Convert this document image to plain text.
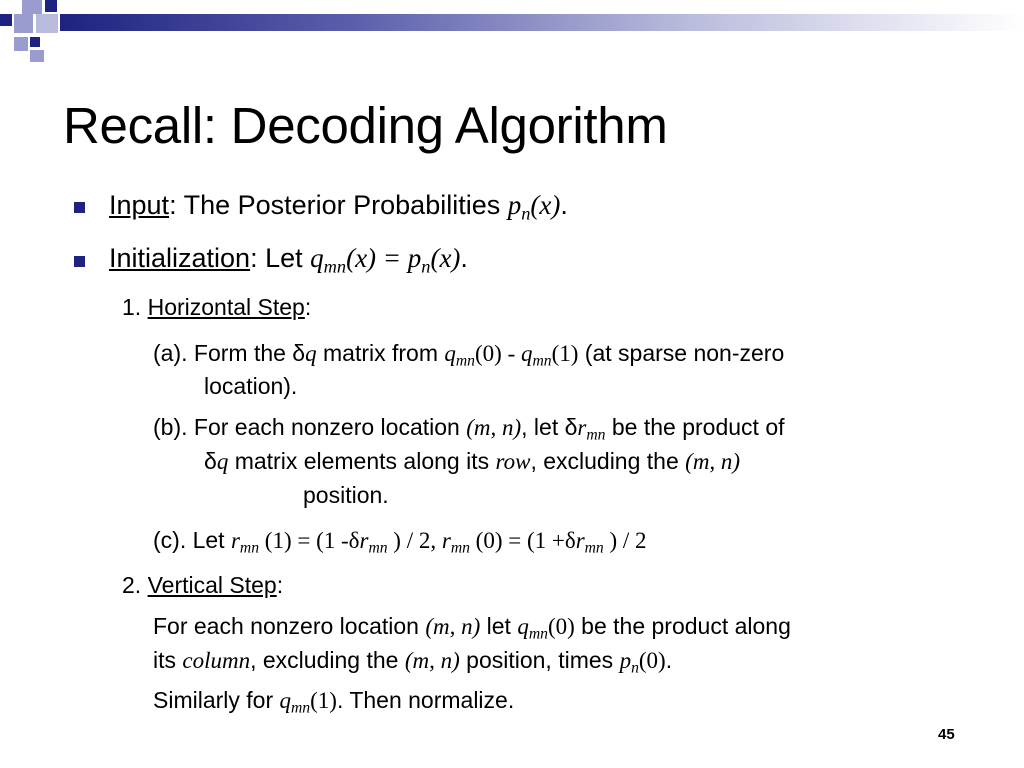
Recall: Decoding Algorithm
Input: The Posterior Probabilities $p_n(x)$.
Initialization: Let $q_{mn}(x) = p_n(x)$.
1. Horizontal Step:
(a). Form the δq matrix from $q_{mn}(0) - q_{mn}(1)$ (at sparse non-zero
location).
(b). For each nonzero location (m, n), let $\delta r_{mn}$ be the product of
δq matrix elements along its row, excluding the (m, n)
position.
(c). Let $r_{mn}$ (1) = (1 $-\delta r_{mn}$ ) / 2, $r_{mn}$ $(0) = (1 +\delta r_{mn}$ ) / 2
2. Vertical Step:
For each nonzero location (m, n) let $q_{mn}(0)$ be the product along
its column, excluding the (m, n) position, times $p_n(0)$.
Similarly for $q_{mn}(1)$. Then normalize.
45
